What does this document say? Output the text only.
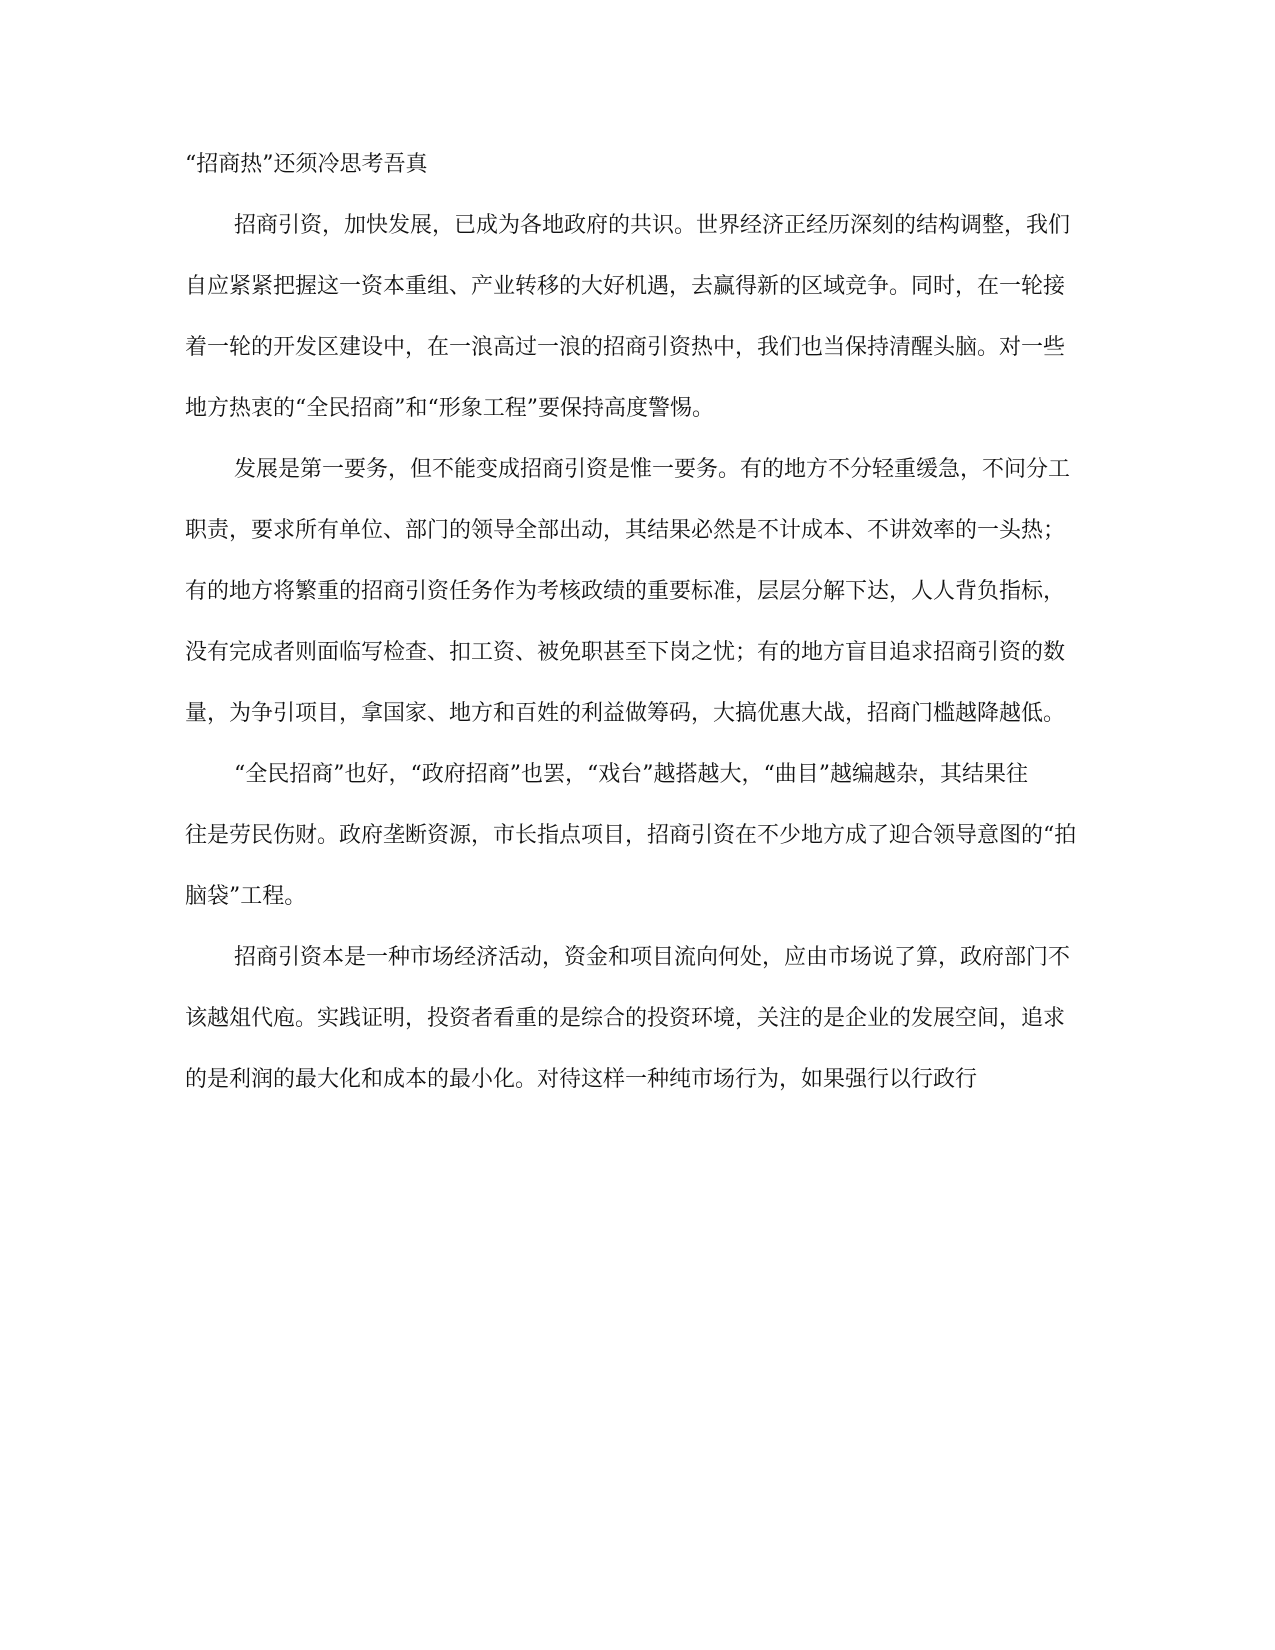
“招商热”还须冷思考吾真

招商引资，加快发展，已成为各地政府的共识。世界经济正经历深刻的结构调整，我们

自应紧紧把握这一资本重组、产业转移的大好机遇，去赢得新的区域竞争。同时，在一轮接

着一轮的开发区建设中，在一浪高过一浪的招商引资热中，我们也当保持清醒头脑。对一些

地方热衷的“全民招商”和“形象工程”要保持高度警惕。

发展是第一要务，但不能变成招商引资是惟一要务。有的地方不分轻重缓急，不问分工

职责，要求所有单位、部门的领导全部出动，其结果必然是不计成本、不讲效率的一头热；

有的地方将繁重的招商引资任务作为考核政绩的重要标准，层层分解下达，人人背负指标，

没有完成者则面临写检查、扣工资、被免职甚至下岗之忧；有的地方盲目追求招商引资的数

量，为争引项目，拿国家、地方和百姓的利益做筹码，大搞优惠大战，招商门槛越降越低。

“全民招商”也好，“政府招商”也罢，“戏台”越搭越大，“曲目”越编越杂，其结果往

往是劳民伤财。政府垄断资源，市长指点项目，招商引资在不少地方成了迎合领导意图的“拍

脑袋”工程。

招商引资本是一种市场经济活动，资金和项目流向何处，应由市场说了算，政府部门不

该越俎代庖。实践证明，投资者看重的是综合的投资环境，关注的是企业的发展空间，追求

的是利润的最大化和成本的最小化。对待这样一种纯市场行为，如果强行以行政行
